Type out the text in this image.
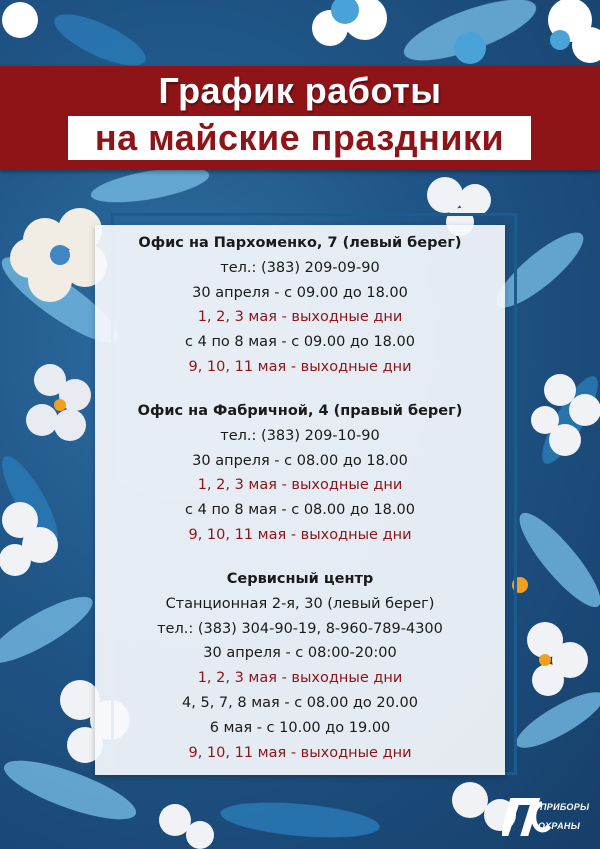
График работы
на майские праздники
Офис на Пархоменко, 7 (левый берег)
тел.: (383) 209-09-90
30 апреля - с 09.00 до 18.00
1, 2, 3 мая - выходные дни
с 4 по 8 мая - с 09.00 до 18.00
9, 10, 11 мая - выходные дни
Офис на Фабричной, 4 (правый берег)
тел.: (383) 209-10-90
30 апреля - с 08.00 до 18.00
1, 2, 3 мая - выходные дни
с 4 по 8 мая - с 08.00 до 18.00
9, 10, 11 мая - выходные дни
Сервисный центр
Станционная 2-я, 30 (левый берег)
тел.: (383) 304-90-19, 8-960-789-4300
30 апреля - с 08:00-20:00
1, 2, 3 мая - выходные дни
4, 5, 7, 8 мая - с 08.00 до 20.00
6 мая - с 10.00 до 19.00
9, 10, 11 мая - выходные дни
ПРИБОРЫ
ОХРАНЫ
